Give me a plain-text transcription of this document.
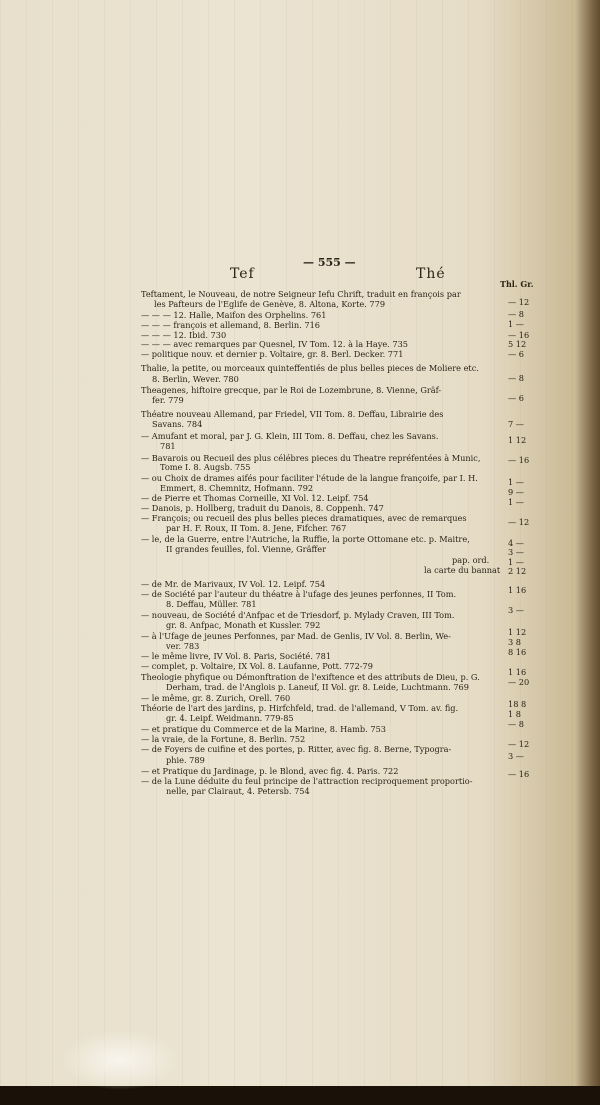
Tef
— 555 —
Thé
Thl. Gr.
Teftament, le Nouveau, de notre Seigneur Iefu Chrift, traduit en françois par
les Pafteurs de l'Eglife de Genève, 8. Altona, Korte. 779
— — — 12. Halle, Maifon des Orphelins. 761
— — — françois et allemand, 8. Berlin. 716
— — — 12. Ibid. 730
— — — avec remarques par Quesnel, IV Tom. 12. à la Haye. 735
— politique nouv. et dernier p. Voltaire, gr. 8. Berl. Decker. 771
Thalie, la petite, ou morceaux quinteffentiés de plus belles pieces de Moliere etc.
8. Berlin, Wever. 780
Theagenes, hiftoire grecque, par le Roi de Lozembrune, 8. Vienne, Gräf-
fer. 779
Théatre nouveau Allemand, par Friedel, VII Tom. 8. Deffau, Librairie des
Savans. 784
— Amufant et moral, par J. G. Klein, III Tom. 8. Deffau, chez les Savans.
781
— Bavarois ou Recueil des plus célébres pieces du Theatre repréfentées à Munic,
Tome I. 8. Augsb. 755
— ou Choix de drames aifés pour faciliter l'étude de la langue françoife, par I. H.
Emmert, 8. Chemnitz, Hofmann. 792
— de Pierre et Thomas Corneille, XI Vol. 12. Leipf. 754
— Danois, p. Hollberg, traduit du Danois, 8. Coppenh. 747
— François; ou recueil des plus belles pieces dramatiques, avec de remarques
par H. F. Roux, II Tom. 8. Jene, Fifcher. 767
— le, de la Guerre, entre l'Autriche, la Ruffie, la porte Ottomane etc. p. Maitre,
II grandes feuilles, fol. Vienne, Gräffer
pap. ord.
la carte du bannat
— de Mr. de Marivaux, IV Vol. 12. Leipf. 754
— de Société par l'auteur du théatre à l'ufage des jeunes perfonnes, II Tom.
8. Deffau, Müller. 781
— nouveau, de Société d'Anfpac et de Triesdorf, p. Mylady Craven, III Tom.
gr. 8. Anfpac, Monath et Kussler. 792
— à l'Ufage de jeunes Perfonnes, par Mad. de Genlis, IV Vol. 8. Berlin, We-
ver. 783
— le même livre, IV Vol. 8. Paris, Société. 781
— complet, p. Voltaire, IX Vol. 8. Laufanne, Pott. 772-79
Theologie phyfique ou Démonftration de l'exiftence et des attributs de Dieu, p. G.
Derham, trad. de l'Anglois p. Laneuf, II Vol. gr. 8. Leide, Luchtmann. 769
— le même, gr. 8. Zurich, Orell. 760
Théorie de l'art des jardins, p. Hirfchfeld, trad. de l'allemand, V Tom. av. fig.
gr. 4. Leipf. Weidmann. 779-85
— et pratique du Commerce et de la Marine, 8. Hamb. 753
— la vraie, de la Fortune, 8. Berlin. 752
— de Foyers de cuifine et des portes, p. Ritter, avec fig. 8. Berne, Typogra-
phie. 789
— et Pratique du Jardinage, p. le Blond, avec fig. 4. Paris. 722
— de la Lune déduite du feul principe de l'attraction reciproquement proportio-
nelle, par Clairaut, 4. Petersb. 754
— 12
— 8
1 —
— 16
5 12
— 6
— 8
— 6
7 —
1 12
— 16
1 —
9 —
1 —
— 12
4 —
3 —
1 —
2 12
1 16
3 —
1 12
3 8
8 16
1 16
— 20
18 8
1 8
— 8
— 12
3 —
— 16
